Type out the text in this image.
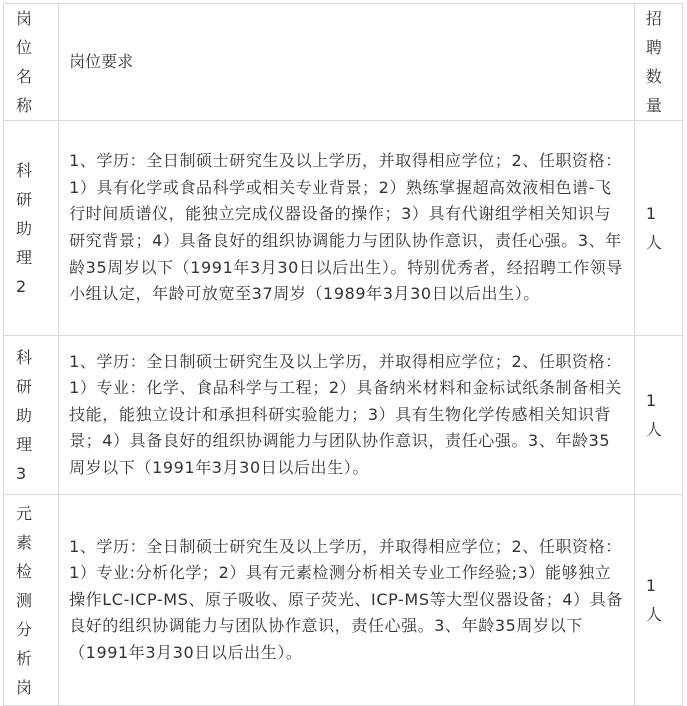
岗位名称	岗位要求	招聘数量

科研助理2	1、学历：全日制硕士研究生及以上学历，并取得相应学位；2、任职资格：1）具有化学或食品科学或相关专业背景；2）熟练掌握超高效液相色谱-飞行时间质谱仪，能独立完成仪器设备的操作；3）具有代谢组学相关知识与研究背景；4）具备良好的组织协调能力与团队协作意识，责任心强。3、年龄35周岁以下（1991年3月30日以后出生）。特别优秀者，经招聘工作领导小组认定，年龄可放宽至37周岁（1989年3月30日以后出生）。	1人

科研助理3	1、学历：全日制硕士研究生及以上学历，并取得相应学位；2、任职资格：1）专业：化学、食品科学与工程；2）具备纳米材料和金标试纸条制备相关技能，能独立设计和承担科研实验能力；3）具有生物化学传感相关知识背景；4）具备良好的组织协调能力与团队协作意识，责任心强。3、年龄35周岁以下（1991年3月30日以后出生）。	1人

元素检测分析岗	1、学历：全日制硕士研究生及以上学历，并取得相应学位；2、任职资格：1）专业:分析化学；2）具有元素检测分析相关专业工作经验;3）能够独立操作LC-ICP-MS、原子吸收、原子荧光、ICP-MS等大型仪器设备；4）具备良好的组织协调能力与团队协作意识，责任心强。3、年龄35周岁以下（1991年3月30日以后出生）。	1人
